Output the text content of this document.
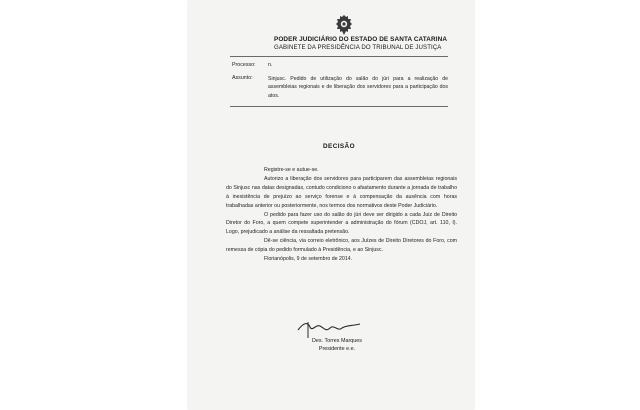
PODER JUDICIÁRIO DO ESTADO DE SANTA CATARINA
GABINETE DA PRESIDÊNCIA DO TRIBUNAL DE JUSTIÇA
Processo: n.
Assunto:	Sinjusc. Pedido de utilização do salão do júri para a realização de assembleias regionais e de liberação dos servidores para a participação dos atos.
DECISÃO

Registre-se e autue-se.

Autorizo a liberação dos servidores para participarem das assembleias regionais do Sinjusc nas datas designadas, contudo condiciono o afastamento durante a jornada de trabalho à inexistência de prejuízo ao serviço forense e à compensação da ausência com horas trabalhadas anterior ou posteriormente, nos termos dos normativos deste Poder Judiciário.

O pedido para fazer uso do salão do júri deve ser dirigido a cada Juiz de Direito Diretor do Foro, a quem compete superintender a administração do fórum (CDOJ, art. 110, I). Logo, prejudicado a análise da ressaltada pretensão.

Dê-se ciência, via correio eletrônico, aos Juízes de Direito Diretores do Foro, com remessa de cópia do pedido formulado à Presidência, e ao Sinjusc.

Florianópolis, 9 de setembro de 2014.

Des. Torres Marques
Presidente e.e.
